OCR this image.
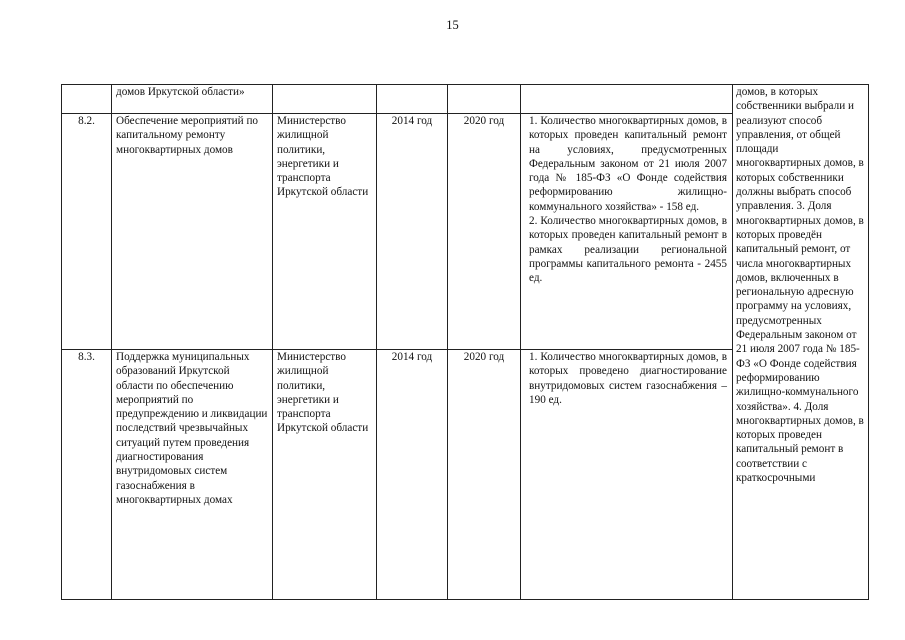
15
	домов Иркутской области»					домов, в которых собственники выбрали и реализуют способ управления, от общей площади многоквартирных домов, в которых собственники должны выбрать способ управления. 3. Доля многоквартирных домов, в которых проведён капитальный ремонт, от числа многоквартирных домов, включенных в региональную адресную программу на условиях, предусмотренных Федеральным законом от 21 июля 2007 года № 185-ФЗ «О Фонде содействия реформированию жилищно-коммунального хозяйства». 4. Доля многоквартирных домов, в которых проведен капитальный ремонт в соответствии с краткосрочными
8.2.	Обеспечение мероприятий по капитальному ремонту многоквартирных домов	Министерство жилищной политики, энергетики и транспорта Иркутской области	2014 год	2020 год	1. Количество многоквартирных домов, в которых проведен капитальный ремонт на условиях, предусмотренных Федеральным законом от 21 июля 2007 года № 185-ФЗ «О Фонде содействия реформированию жилищно-коммунального хозяйства» - 158 ед.
2. Количество многоквартирных домов, в которых проведен капитальный ремонт в рамках реализации региональной программы капитального ремонта - 2455 ед.	

8.3.	Поддержка муниципальных образований Иркутской области по обеспечению мероприятий по предупреждению и ликвидации последствий чрезвычайных ситуаций путем проведения диагностирования внутридомовых систем газоснабжения в многоквартирных домах	Министерство жилищной политики, энергетики и транспорта Иркутской области	2014 год	2020 год	1. Количество многоквартирных домов, в которых проведено диагностирование внутридомовых систем газоснабжения – 190 ед.	
